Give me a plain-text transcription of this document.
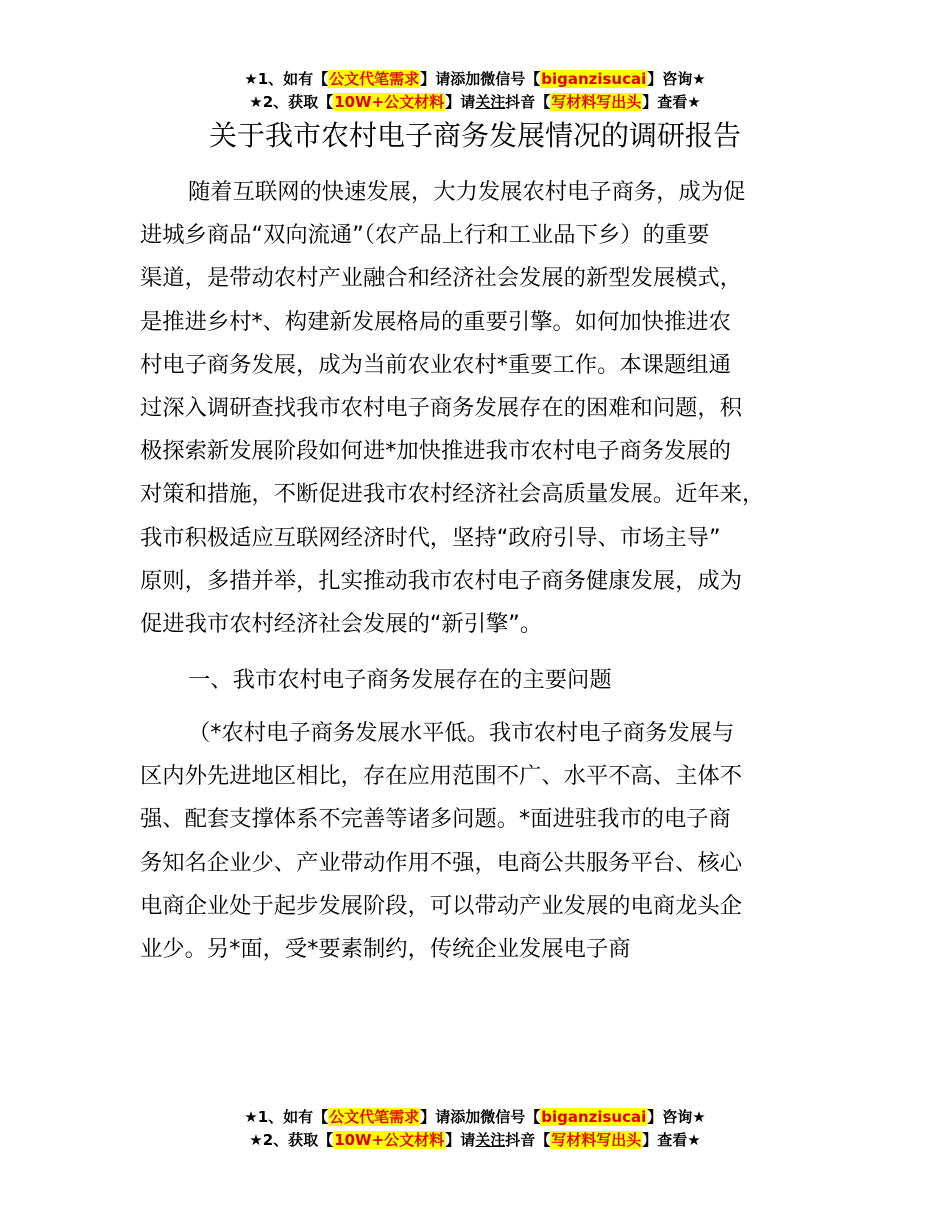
★1、如有【公文代笔需求】请添加微信号【biganzisucai】咨询★
★2、获取【10W+公文材料】请关注抖音【写材料写出头】查看★
关于我市农村电子商务发展情况的调研报告
随着互联网的快速发展，大力发展农村电子商务，成为促
进城乡商品“双向流通”（农产品上行和工业品下乡）的重要
渠道，是带动农村产业融合和经济社会发展的新型发展模式，
是推进乡村*、构建新发展格局的重要引擎。如何加快推进农
村电子商务发展，成为当前农业农村*重要工作。本课题组通
过深入调研查找我市农村电子商务发展存在的困难和问题，积
极探索新发展阶段如何进*加快推进我市农村电子商务发展的
对策和措施，不断促进我市农村经济社会高质量发展。近年来，
我市积极适应互联网经济时代，坚持“政府引导、市场主导”
原则，多措并举，扎实推动我市农村电子商务健康发展，成为
促进我市农村经济社会发展的“新引擎”。
一、我市农村电子商务发展存在的主要问题
（*农村电子商务发展水平低。我市农村电子商务发展与
区内外先进地区相比，存在应用范围不广、水平不高、主体不
强、配套支撑体系不完善等诸多问题。*面进驻我市的电子商
务知名企业少、产业带动作用不强，电商公共服务平台、核心
电商企业处于起步发展阶段，可以带动产业发展的电商龙头企
业少。另*面，受*要素制约，传统企业发展电子商
★1、如有【公文代笔需求】请添加微信号【biganzisucai】咨询★
★2、获取【10W+公文材料】请关注抖音【写材料写出头】查看★
